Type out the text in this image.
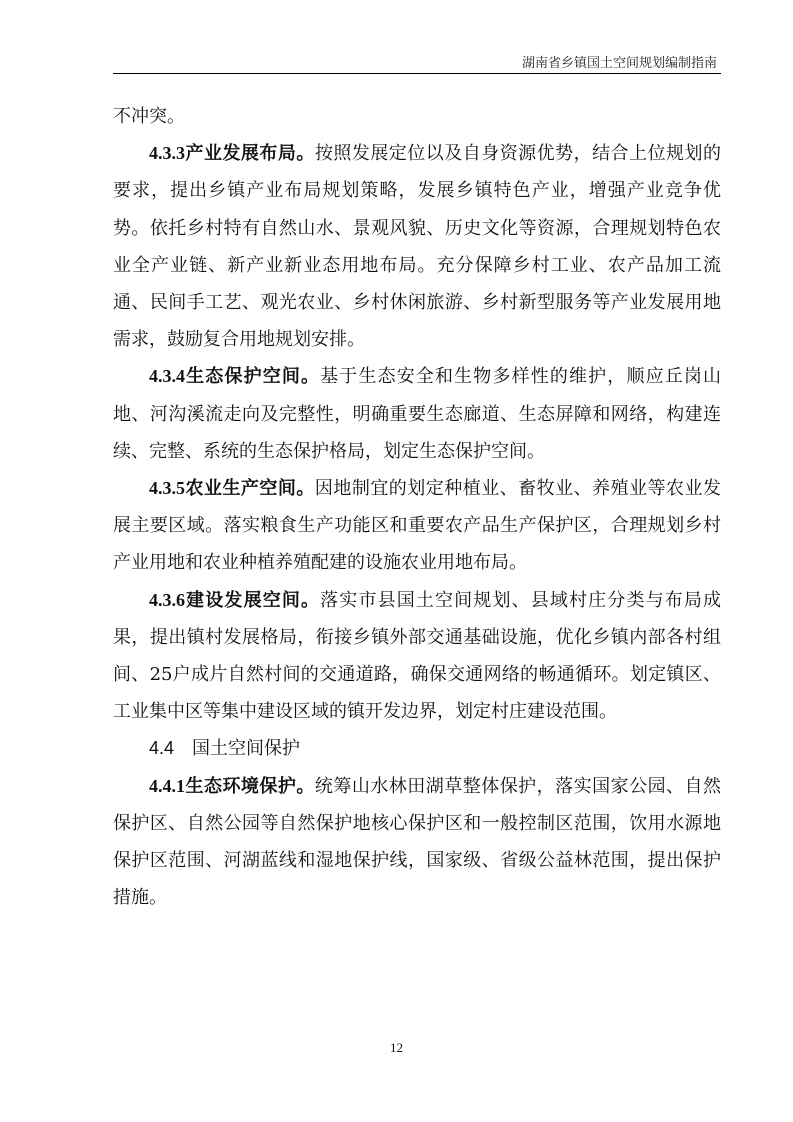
湖南省乡镇国土空间规划编制指南

不冲突。

4.3.3产业发展布局。按照发展定位以及自身资源优势，结合上位规划的要求，提出乡镇产业布局规划策略，发展乡镇特色产业，增强产业竞争优势。依托乡村特有自然山水、景观风貌、历史文化等资源，合理规划特色农业全产业链、新产业新业态用地布局。充分保障乡村工业、农产品加工流通、民间手工艺、观光农业、乡村休闲旅游、乡村新型服务等产业发展用地需求，鼓励复合用地规划安排。

4.3.4生态保护空间。基于生态安全和生物多样性的维护，顺应丘岗山地、河沟溪流走向及完整性，明确重要生态廊道、生态屏障和网络，构建连续、完整、系统的生态保护格局，划定生态保护空间。

4.3.5农业生产空间。因地制宜的划定种植业、畜牧业、养殖业等农业发展主要区域。落实粮食生产功能区和重要农产品生产保护区，合理规划乡村产业用地和农业种植养殖配建的设施农业用地布局。

4.3.6建设发展空间。落实市县国土空间规划、县域村庄分类与布局成果，提出镇村发展格局，衔接乡镇外部交通基础设施，优化乡镇内部各村组间、25户成片自然村间的交通道路，确保交通网络的畅通循环。划定镇区、工业集中区等集中建设区域的镇开发边界，划定村庄建设范围。

4.4 国土空间保护

4.4.1生态环境保护。统筹山水林田湖草整体保护，落实国家公园、自然保护区、自然公园等自然保护地核心保护区和一般控制区范围，饮用水源地保护区范围、河湖蓝线和湿地保护线，国家级、省级公益林范围，提出保护措施。

12
